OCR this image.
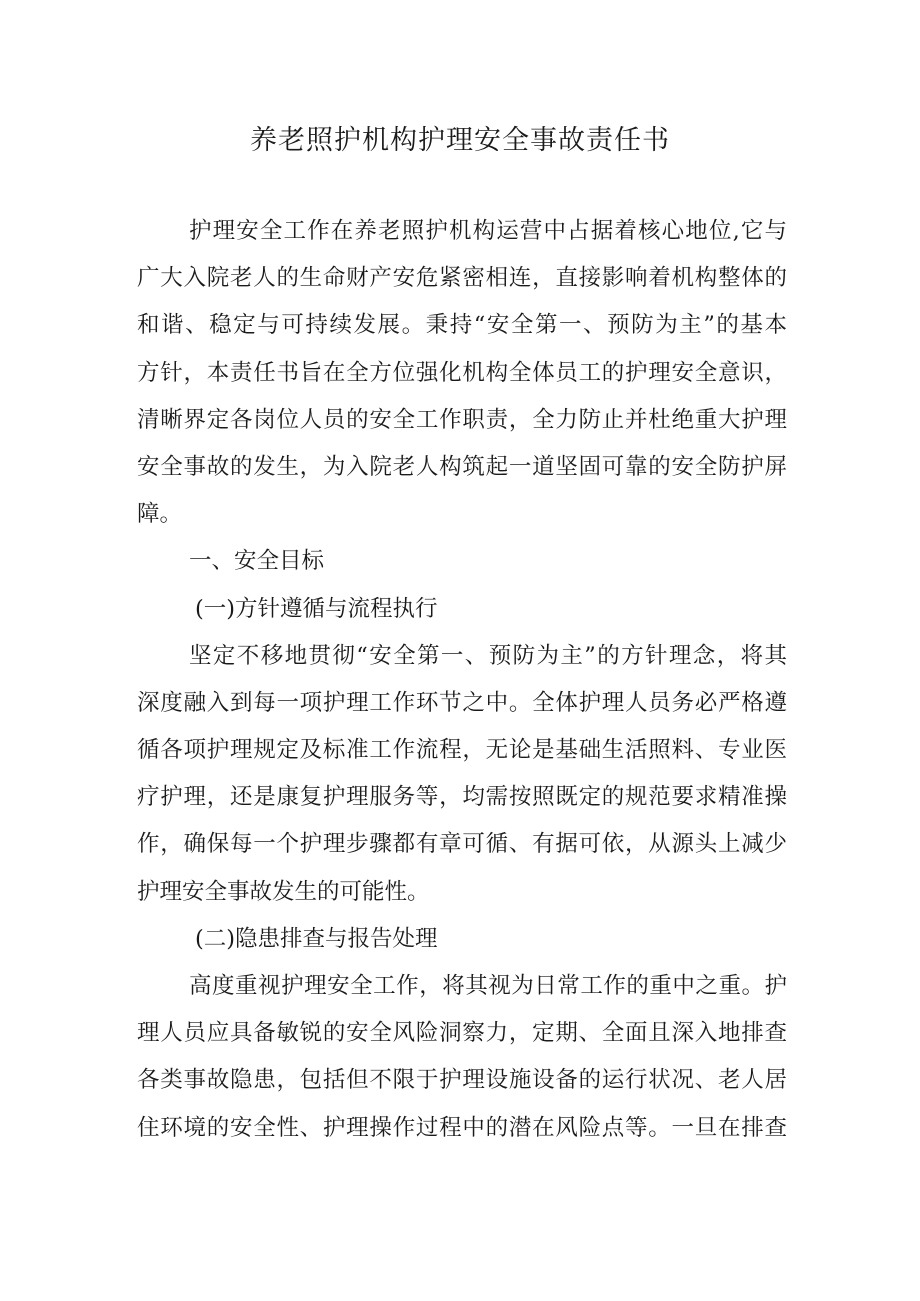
养老照护机构护理安全事故责任书
护理安全工作在养老照护机构运营中占据着核心地位,它与
广大入院老人的生命财产安危紧密相连，直接影响着机构整体的
和谐、稳定与可持续发展。秉持“安全第一、预防为主”的基本
方针，本责任书旨在全方位强化机构全体员工的护理安全意识，
清晰界定各岗位人员的安全工作职责，全力防止并杜绝重大护理
安全事故的发生，为入院老人构筑起一道坚固可靠的安全防护屏
障。
一、安全目标
(一)方针遵循与流程执行
坚定不移地贯彻“安全第一、预防为主”的方针理念，将其
深度融入到每一项护理工作环节之中。全体护理人员务必严格遵
循各项护理规定及标准工作流程，无论是基础生活照料、专业医
疗护理，还是康复护理服务等，均需按照既定的规范要求精准操
作，确保每一个护理步骤都有章可循、有据可依，从源头上减少
护理安全事故发生的可能性。
(二)隐患排查与报告处理
高度重视护理安全工作，将其视为日常工作的重中之重。护
理人员应具备敏锐的安全风险洞察力，定期、全面且深入地排查
各类事故隐患，包括但不限于护理设施设备的运行状况、老人居
住环境的安全性、护理操作过程中的潜在风险点等。一旦在排查
